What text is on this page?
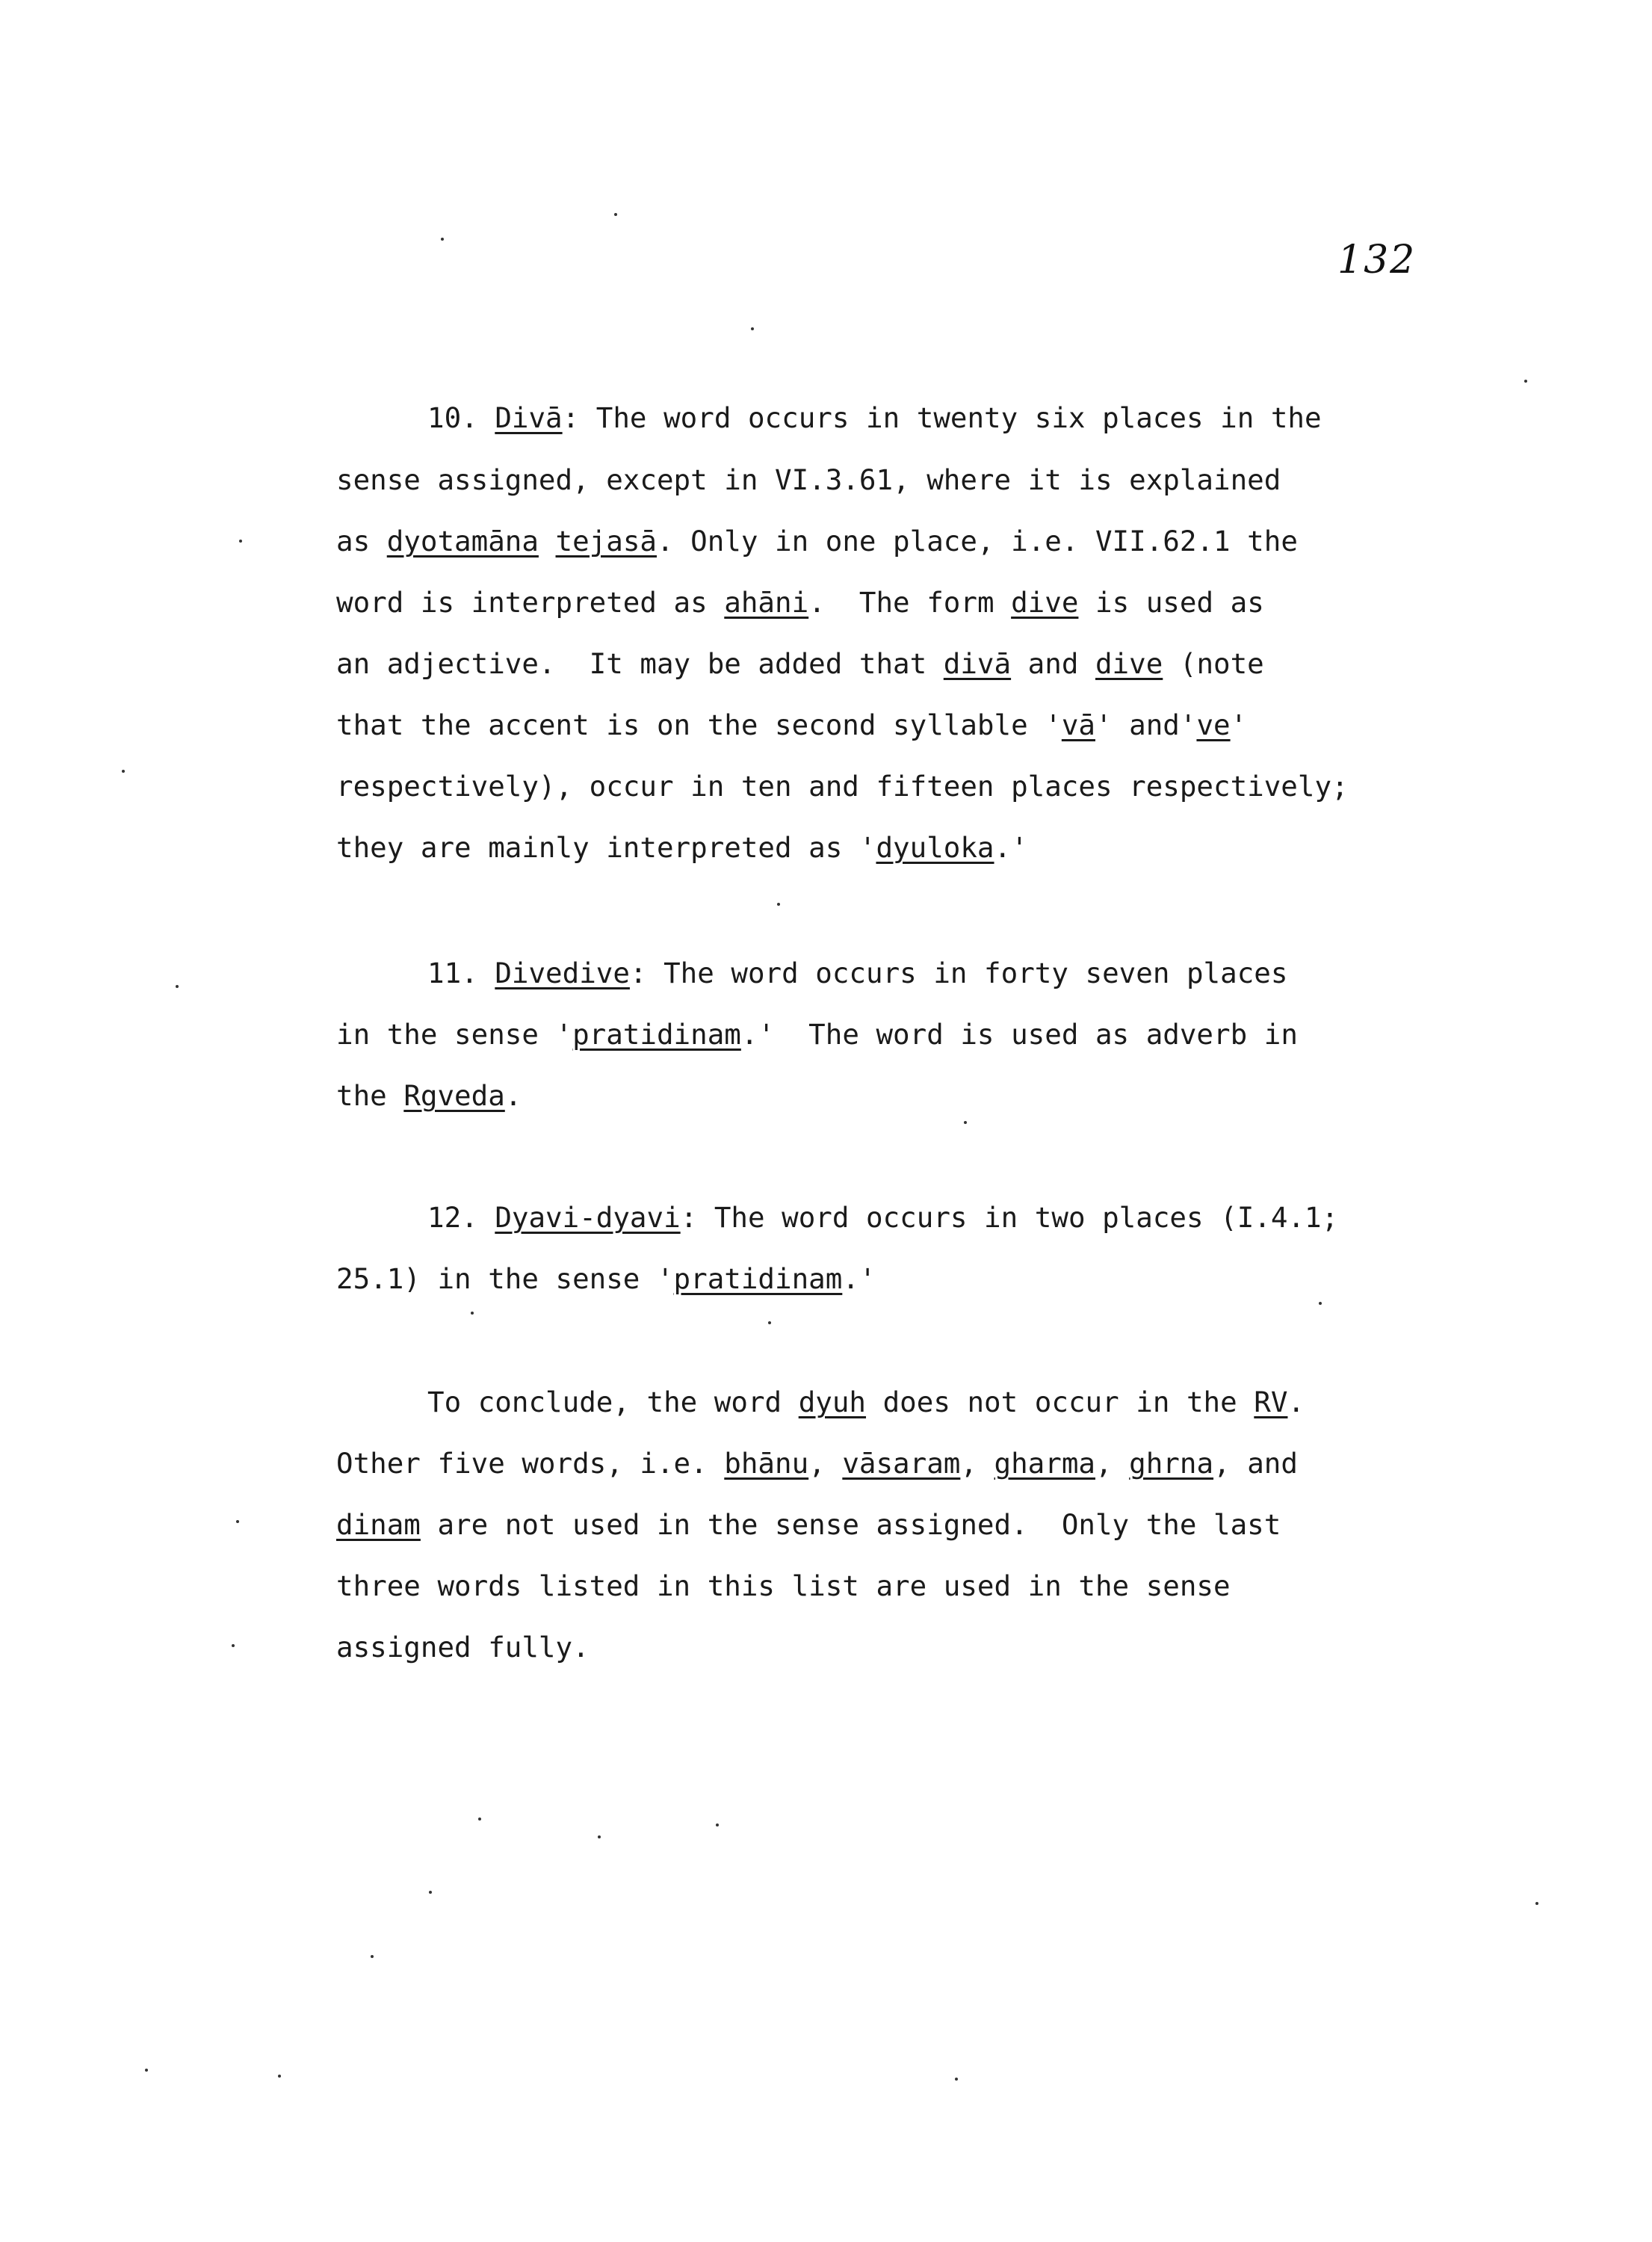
132
10. Divā: The word occurs in twenty six places in the
sense assigned, except in VI.3.61, where it is explained
as dyotamāna tejasā. Only in one place, i.e. VII.62.1 the
word is interpreted as ahāni.  The form dive is used as
an adjective.  It may be added that divā and dive (note
that the accent is on the second syllable 'vā' and've'
respectively), occur in ten and fifteen places respectively;
they are mainly interpreted as 'dyuloka.'
11. Divedive: The word occurs in forty seven places
in the sense 'pratidinam.'  The word is used as adverb in
the Rgveda.
12. Dyavi-dyavi: The word occurs in two places (I.4.1;
25.1) in the sense 'pratidinam.'
To conclude, the word dyuh does not occur in the RV.
Other five words, i.e. bhānu, vāsaram, gharma, ghrna, and
dinam are not used in the sense assigned.  Only the last
three words listed in this list are used in the sense
assigned fully.
